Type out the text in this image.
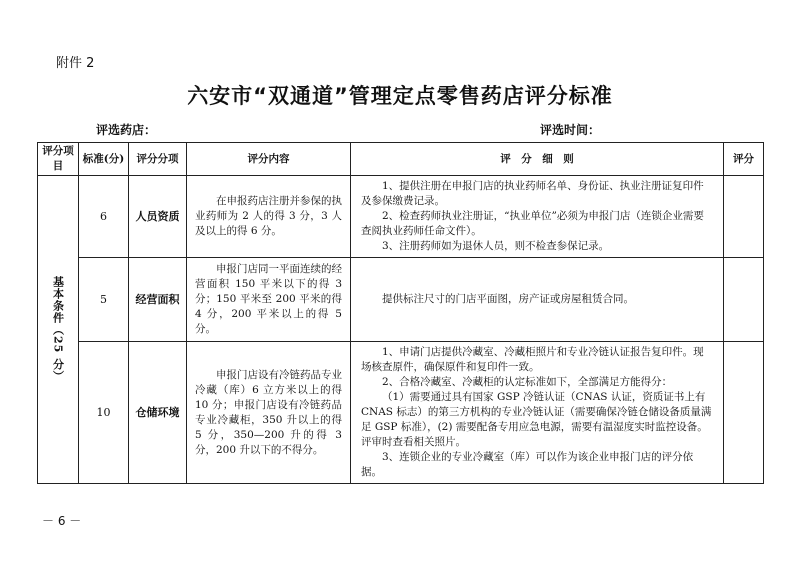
附件 2
六安市“双通道”管理定点零售药店评分标准
评选药店：	评选时间：
评分项目	标准(分)	评分分项	评分内容	评　分　细　则	评分

基本条件（25 分）	6	人员资质	在申报药店注册并参保的执业药师为 2 人的得 3 分，3 人及以上的得 6 分。	1、提供注册在申报门店的执业药师名单、身份证、执业注册证复印件及参保缴费记录。

2、检查药师执业注册证，“执业单位”必须为申报门店（连锁企业需要查阅执业药师任命文件）。

3、注册药师如为退休人员，则不检查参保记录。	

	5	经营面积	申报门店同一平面连续的经营面积 150 平米以下的得 3 分；150 平米至 200 平米的得 4 分，200 平米以上的得 5 分。	提供标注尺寸的门店平面图，房产证或房屋租赁合同。	

	10	仓储环境	申报门店设有冷链药品专业冷藏（库）6 立方米以上的得 10 分；申报门店设有冷链药品专业冷藏柜，350 升以上的得 5 分，350—200 升的得 3 分，200 升以下的不得分。	1、申请门店提供冷藏室、冷藏柜照片和专业冷链认证报告复印件。现场核查原件，确保原件和复印件一致。

2、合格冷藏室、冷藏柜的认定标准如下，全部满足方能得分：

（1）需要通过具有国家 GSP 冷链认证（CNAS 认证，资质证书上有 CNAS 标志）的第三方机构的专业冷链认证（需要确保冷链仓储设备质量满足 GSP 标准），(2) 需要配备专用应急电源，需要有温湿度实时监控设备。评审时查看相关照片。

3、连锁企业的专业冷藏室（库）可以作为该企业申报门店的评分依据。	

－ 6 －
